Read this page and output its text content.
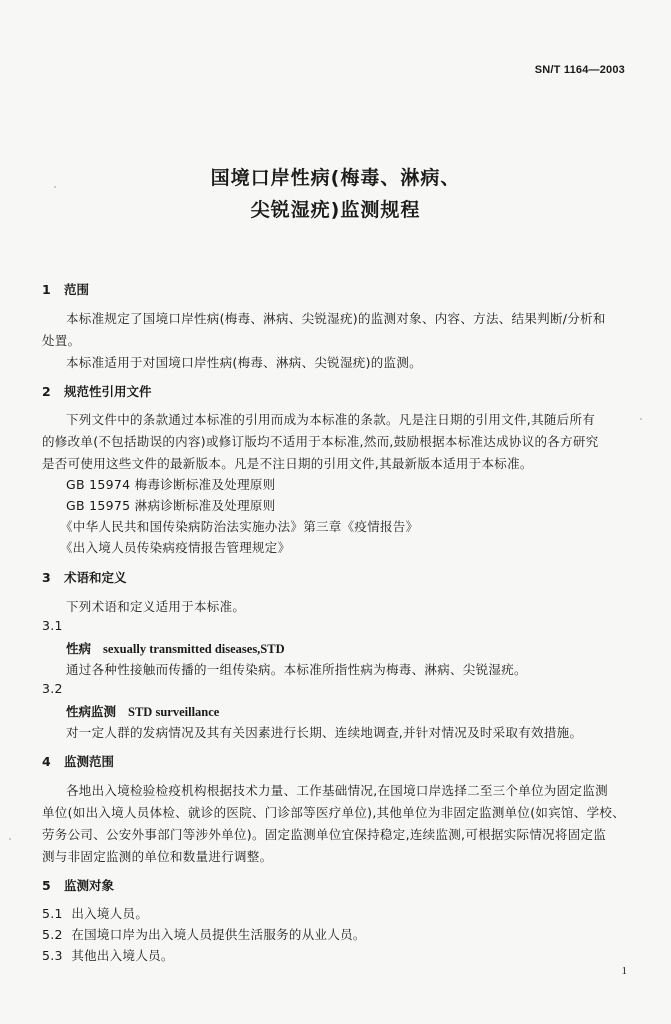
SN/T 1164—2003
国境口岸性病(梅毒、淋病、
尖锐湿疣)监测规程
1 范围
本标准规定了国境口岸性病(梅毒、淋病、尖锐湿疣)的监测对象、内容、方法、结果判断/分析和
处置。
本标准适用于对国境口岸性病(梅毒、淋病、尖锐湿疣)的监测。
2 规范性引用文件
下列文件中的条款通过本标准的引用而成为本标准的条款。凡是注日期的引用文件,其随后所有
的修改单(不包括勘误的内容)或修订版均不适用于本标准,然而,鼓励根据本标准达成协议的各方研究
是否可使用这些文件的最新版本。凡是不注日期的引用文件,其最新版本适用于本标准。
GB 15974 梅毒诊断标准及处理原则
GB 15975 淋病诊断标准及处理原则
《中华人民共和国传染病防治法实施办法》第三章《疫情报告》
《出入境人员传染病疫情报告管理规定》
3 术语和定义
下列术语和定义适用于本标准。
3.1
性病 sexually transmitted diseases,STD
通过各种性接触而传播的一组传染病。本标准所指性病为梅毒、淋病、尖锐湿疣。
3.2
性病监测 STD surveillance
对一定人群的发病情况及其有关因素进行长期、连续地调查,并针对情况及时采取有效措施。
4 监测范围
各地出入境检验检疫机构根据技术力量、工作基础情况,在国境口岸选择二至三个单位为固定监测
单位(如出入境人员体检、就诊的医院、门诊部等医疗单位),其他单位为非固定监测单位(如宾馆、学校、
劳务公司、公安外事部门等涉外单位)。固定监测单位宜保持稳定,连续监测,可根据实际情况将固定监
测与非固定监测的单位和数量进行调整。
5 监测对象
5.1 出入境人员。
5.2 在国境口岸为出入境人员提供生活服务的从业人员。
5.3 其他出入境人员。
1
